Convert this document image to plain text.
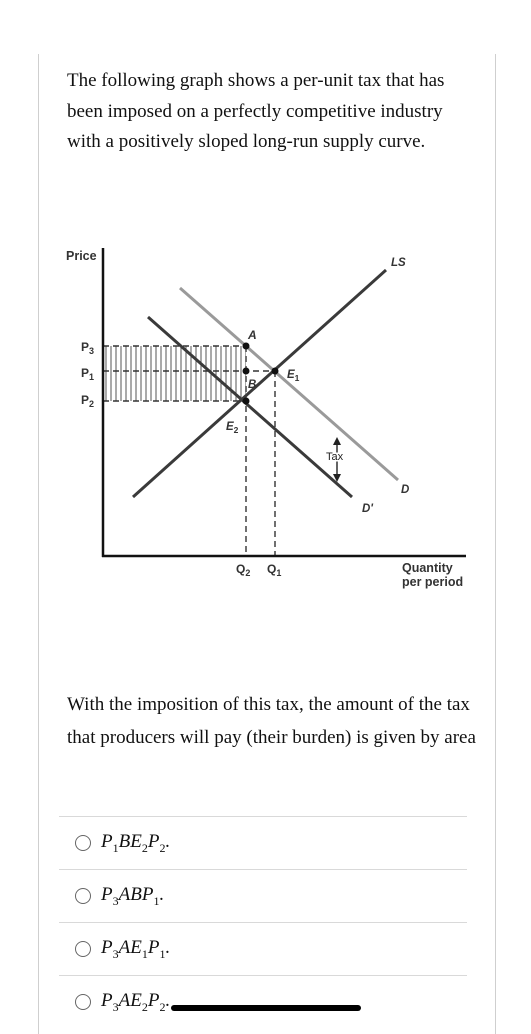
The following graph shows a per-unit tax that has been imposed on a perfectly competitive industry with a positively sloped long-run supply curve.
With the imposition of this tax, the amount of the tax that producers will pay (their burden) is given by area
$P_1BE_2P_2$.
$P_3ABP_1$.
$P_3AE_1P_1$.
$P_3AE_2P_2$.
Price
Quantity
per period
$P_3$
$P_1$
$P_2$
$Q_2$ $Q_1$
A
B
$E_1$
$E_2$
LS
D
D'
Tax
